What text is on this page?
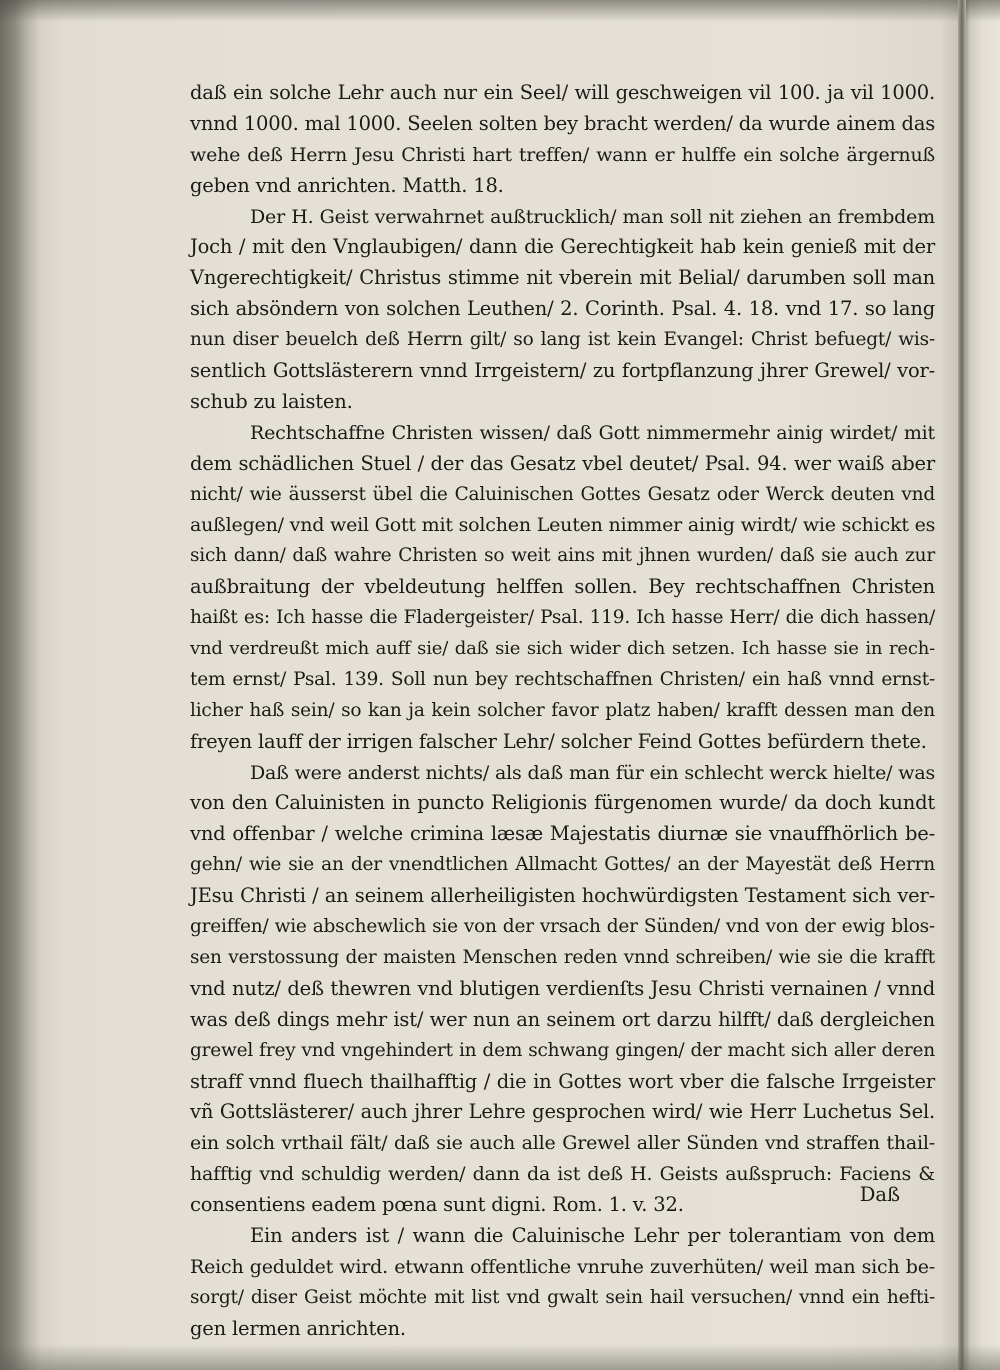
daß ein solche Lehr auch nur ein Seel/ will geschweigen vil 100. ja vil 1000.
vnnd 1000. mal 1000. Seelen solten bey bracht werden/ da wurde ainem das
wehe deß Herrn Jesu Christi hart treffen/ wann er hulffe ein solche ärgernuß
geben vnd anrichten. Matth. 18.
Der H. Geist verwahrnet außtrucklich/ man soll nit ziehen an frembdem
Joch / mit den Vnglaubigen/ dann die Gerechtigkeit hab kein genieß mit der
Vngerechtigkeit/ Christus stimme nit vberein mit Belial/ darumben soll man
sich absöndern von solchen Leuthen/ 2. Corinth. Psal. 4. 18. vnd 17. so lang
nun diser beuelch deß Herrn gilt/ so lang ist kein Evangel: Christ befuegt/ wis-
sentlich Gottslästerern vnnd Irrgeistern/ zu fortpflanzung jhrer Grewel/ vor-
schub zu laisten.
Rechtschaffne Christen wissen/ daß Gott nimmermehr ainig wirdet/ mit
dem schädlichen Stuel / der das Gesatz vbel deutet/ Psal. 94. wer waiß aber
nicht/ wie äusserst übel die Caluinischen Gottes Gesatz oder Werck deuten vnd
außlegen/ vnd weil Gott mit solchen Leuten nimmer ainig wirdt/ wie schickt es
sich dann/ daß wahre Christen so weit ains mit jhnen wurden/ daß sie auch zur
außbraitung der vbeldeutung helffen sollen. Bey rechtschaffnen Christen
haißt es: Ich hasse die Fladergeister/ Psal. 119. Ich hasse Herr/ die dich hassen/
vnd verdreußt mich auff sie/ daß sie sich wider dich setzen. Ich hasse sie in rech-
tem ernst/ Psal. 139. Soll nun bey rechtschaffnen Christen/ ein haß vnnd ernst-
licher haß sein/ so kan ja kein solcher favor platz haben/ krafft dessen man den
freyen lauff der irrigen falscher Lehr/ solcher Feind Gottes befürdern thete.
Daß were anderst nichts/ als daß man für ein schlecht werck hielte/ was
von den Caluinisten in puncto Religionis fürgenomen wurde/ da doch kundt
vnd offenbar / welche crimina læsæ Majestatis diurnæ sie vnauffhörlich be-
gehn/ wie sie an der vnendtlichen Allmacht Gottes/ an der Mayestät deß Herrn
JEsu Christi / an seinem allerheiligisten hochwürdigsten Testament sich ver-
greiffen/ wie abschewlich sie von der vrsach der Sünden/ vnd von der ewig blos-
sen verstossung der maisten Menschen reden vnnd schreiben/ wie sie die krafft
vnd nutz/ deß thewren vnd blutigen verdienſts Jesu Christi vernainen / vnnd
was deß dings mehr ist/ wer nun an seinem ort darzu hilfft/ daß dergleichen
grewel frey vnd vngehindert in dem schwang gingen/ der macht sich aller deren
straff vnnd fluech thailhafftig / die in Gottes wort vber die falsche Irrgeister
vñ Gottslästerer/ auch jhrer Lehre gesprochen wird/ wie Herr Luchetus Sel.
ein solch vrthail fält/ daß sie auch alle Grewel aller Sünden vnd straffen thail-
hafftig vnd schuldig werden/ dann da ist deß H. Geists außspruch: Faciens &
consentiens eadem pœna sunt digni. Rom. 1. v. 32.
Ein anders ist / wann die Caluinische Lehr per tolerantiam von dem
Reich geduldet wird. etwann offentliche vnruhe zuverhüten/ weil man sich be-
sorgt/ diser Geist möchte mit list vnd gwalt sein hail versuchen/ vnnd ein hefti-
gen lermen anrichten.
Daß
